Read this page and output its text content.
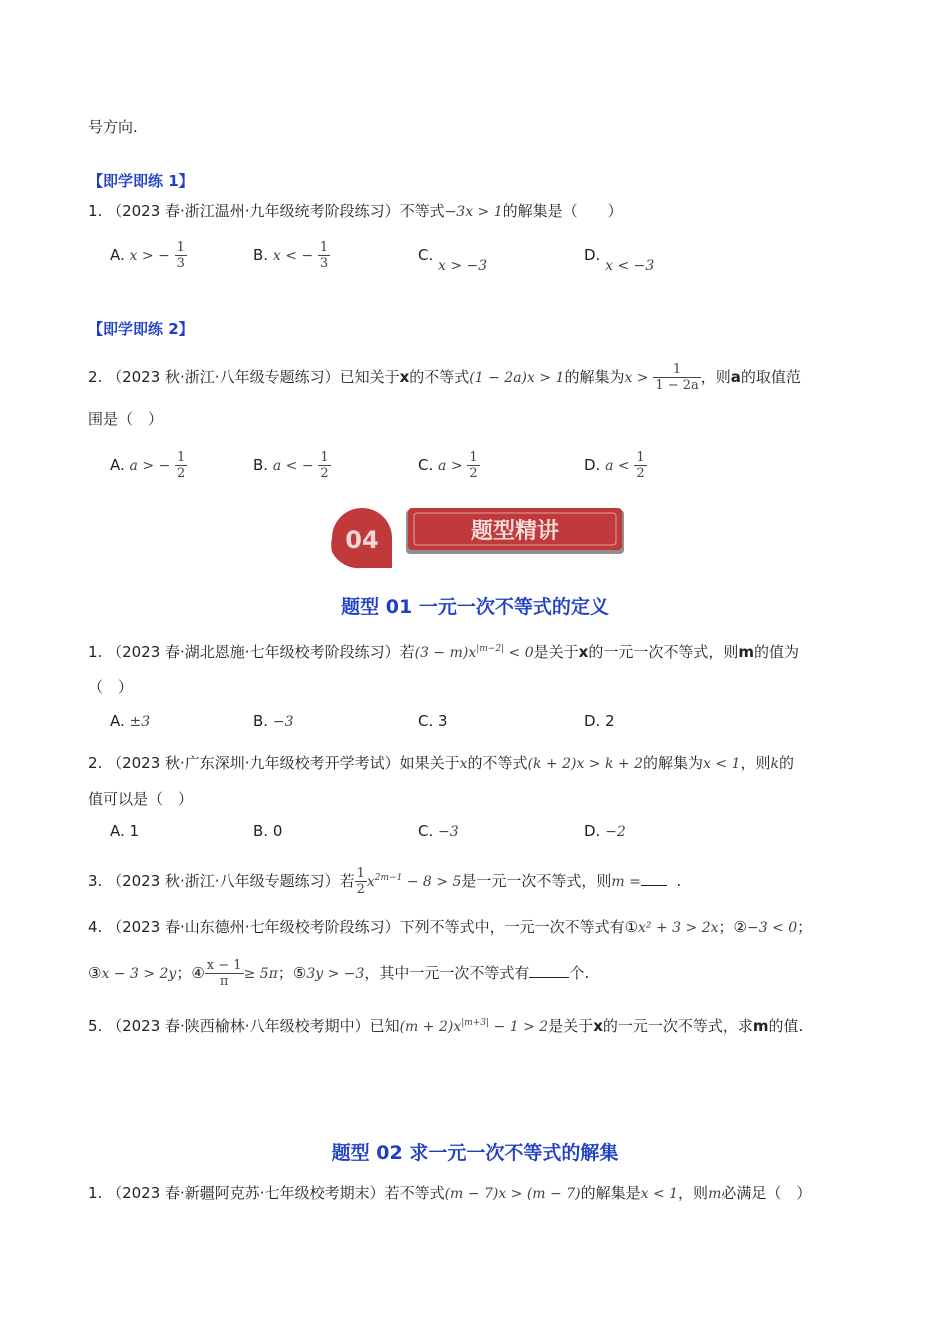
号方向.
【即学即练 1】
1. （2023 春·浙江温州·九年级统考阶段练习）不等式−3x > 1的解集是（　　）
A. x > − $\frac{1}{3}$	B. x < − $\frac{1}{3}$	C. x > −3
D. x < −3
【即学即练 2】
2. （2023 秋·浙江·八年级专题练习）已知关于x的不等式(1 − 2a)x > 1的解集为$x > \frac{1}{1 - 2a}$ ，则a的取值范
围是（　）
A. a > − $\frac{1}{2}$	B. a < − $\frac{1}{2}$	C. $a > \frac{1}{2}$	D. $a < \frac{1}{2}$
04	题型精讲
题型 01 一元一次不等式的定义
1. （2023 春·湖北恩施·七年级校考阶段练习）若$(3 - m)x^{|m-2|} < 0$是关于x的一元一次不等式，则m的值为
（　）
A. ±3	B. −3	C. 3	D. 2
2. （2023 秋·广东深圳·九年级校考开学考试）如果关于x的不等式(k + 2)x > k + 2的解集为x < 1，则k的
值可以是（　）
A. 1	B. 0	C. −3	D. −2
3. （2023 秋·浙江·八年级专题练习）若 $\frac{1}{2} x^{2m-1} - 8 > 5$是一元一次不等式，则m = .
4. （2023 春·山东德州·七年级校考阶段练习）下列不等式中，一元一次不等式有①x² + 3 > 2x；②−3 < 0；
③x − 3 > 2y；④ $\frac{x - 1}{\pi} \ge 5\pi$；⑤3y > −3，其中一元一次不等式有	个.
5. （2023 春·陕西榆林·八年级校考期中）已知$(m + 2)x^{|m+3|} - 1 > 2$是关于x的一元一次不等式，求m的值.
题型 02 求一元一次不等式的解集
1. （2023 春·新疆阿克苏·七年级校考期末）若不等式(m − 7)x > (m − 7)的解集是x < 1，则m必满足（　）
